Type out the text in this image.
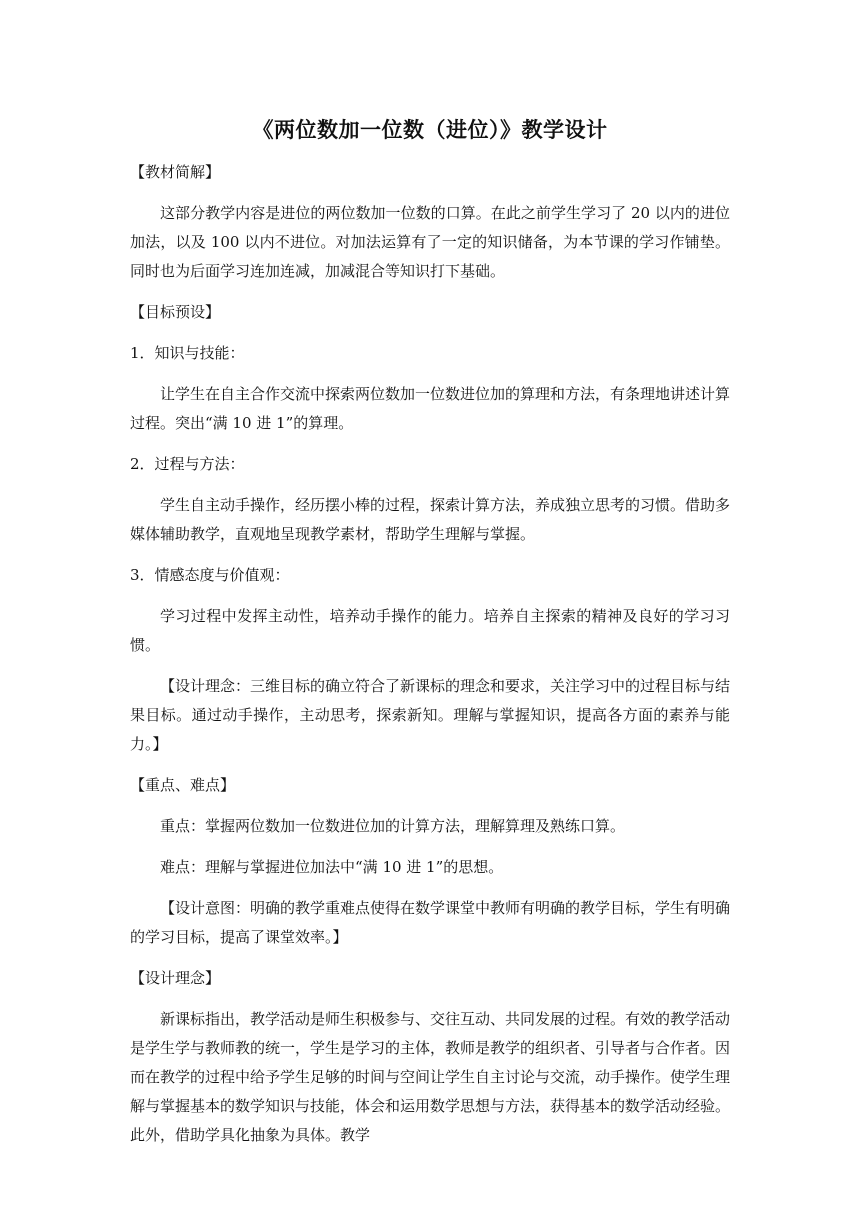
《两位数加一位数（进位）》教学设计

【教材简解】

这部分教学内容是进位的两位数加一位数的口算。在此之前学生学习了 20 以内的进位加法，以及 100 以内不进位。对加法运算有了一定的知识储备，为本节课的学习作铺垫。同时也为后面学习连加连减，加减混合等知识打下基础。

【目标预设】

1．知识与技能：

让学生在自主合作交流中探索两位数加一位数进位加的算理和方法，有条理地讲述计算过程。突出“满 10 进 1”的算理。

2．过程与方法：

学生自主动手操作，经历摆小棒的过程，探索计算方法，养成独立思考的习惯。借助多媒体辅助教学，直观地呈现教学素材，帮助学生理解与掌握。

3．情感态度与价值观：

学习过程中发挥主动性，培养动手操作的能力。培养自主探索的精神及良好的学习习惯。

【设计理念：三维目标的确立符合了新课标的理念和要求，关注学习中的过程目标与结果目标。通过动手操作，主动思考，探索新知。理解与掌握知识，提高各方面的素养与能力。】

【重点、难点】

重点：掌握两位数加一位数进位加的计算方法，理解算理及熟练口算。

难点：理解与掌握进位加法中“满 10 进 1”的思想。

【设计意图：明确的教学重难点使得在数学课堂中教师有明确的教学目标，学生有明确的学习目标，提高了课堂效率。】

【设计理念】

新课标指出，教学活动是师生积极参与、交往互动、共同发展的过程。有效的教学活动是学生学与教师教的统一，学生是学习的主体，教师是教学的组织者、引导者与合作者。因而在教学的过程中给予学生足够的时间与空间让学生自主讨论与交流，动手操作。使学生理解与掌握基本的数学知识与技能，体会和运用数学思想与方法，获得基本的数学活动经验。此外，借助学具化抽象为具体。教学
